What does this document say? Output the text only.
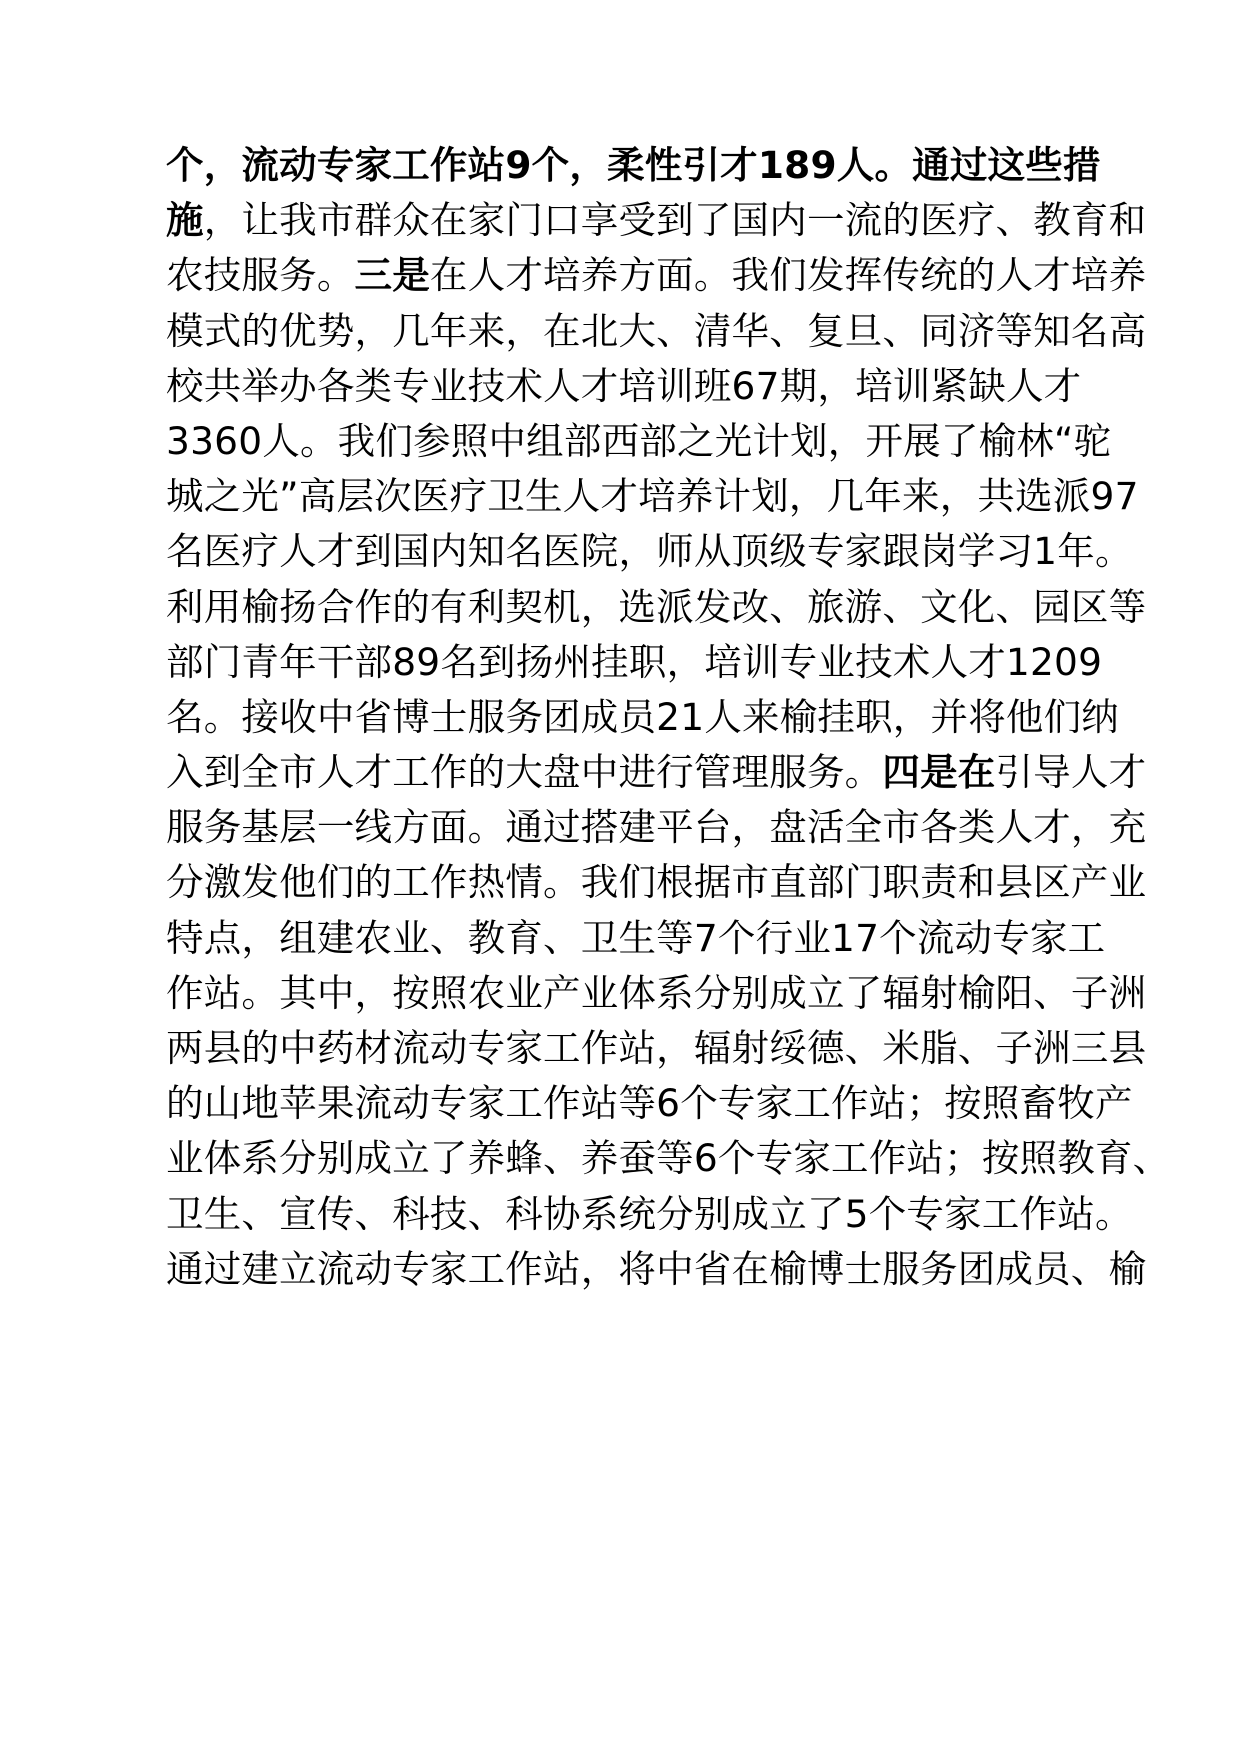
个 ， 流 动 专 家 工 作 站 9 个 ， 柔 性 引 才 1 8 9 人 。 通 过 这 些 措
施 ， 让 我 市 群 众 在 家 门 口 享 受 到 了 国 内 一 流 的 医 疗 、 教 育 和
农 技 服 务 。 三 是 在 人 才 培 养 方 面 。 我 们 发 挥 传 统 的 人 才 培 养
模 式 的 优 势 ， 几 年 来 ， 在 北 大 、 清 华 、 复 旦 、 同 济 等 知 名 高
校 共 举 办 各 类 专 业 技 术 人 才 培 训 班 6 7 期 ， 培 训 紧 缺 人 才
3 3 6 0 人 。 我 们 参 照 中 组 部 西 部 之 光 计 划 ， 开 展 了 榆 林 “ 驼
城 之 光 ” 高 层 次 医 疗 卫 生 人 才 培 养 计 划 ， 几 年 来 ， 共 选 派 9 7
名 医 疗 人 才 到 国 内 知 名 医 院 ， 师 从 顶 级 专 家 跟 岗 学 习 1 年 。
利 用 榆 扬 合 作 的 有 利 契 机 ， 选 派 发 改 、 旅 游 、 文 化 、 园 区 等
部 门 青 年 干 部 8 9 名 到 扬 州 挂 职 ， 培 训 专 业 技 术 人 才 1 2 0 9
名 。 接 收 中 省 博 士 服 务 团 成 员 2 1 人 来 榆 挂 职 ， 并 将 他 们 纳
入 到 全 市 人 才 工 作 的 大 盘 中 进 行 管 理 服 务 。 四 是 在 引 导 人 才
服 务 基 层 一 线 方 面 。 通 过 搭 建 平 台 ， 盘 活 全 市 各 类 人 才 ， 充
分 激 发 他 们 的 工 作 热 情 。 我 们 根 据 市 直 部 门 职 责 和 县 区 产 业
特 点 ， 组 建 农 业 、 教 育 、 卫 生 等 7 个 行 业 1 7 个 流 动 专 家 工
作 站 。 其 中 ， 按 照 农 业 产 业 体 系 分 别 成 立 了 辐 射 榆 阳 、 子 洲
两 县 的 中 药 材 流 动 专 家 工 作 站 ， 辐 射 绥 德 、 米 脂 、 子 洲 三 县
的 山 地 苹 果 流 动 专 家 工 作 站 等 6 个 专 家 工 作 站 ； 按 照 畜 牧 产
业 体 系 分 别 成 立 了 养 蜂 、 养 蚕 等 6 个 专 家 工 作 站 ； 按 照 教 育 、
卫 生 、 宣 传 、 科 技 、 科 协 系 统 分 别 成 立 了 5 个 专 家 工 作 站 。
通过建立流动专家工作站，将中省在榆博士服务团成员、榆
